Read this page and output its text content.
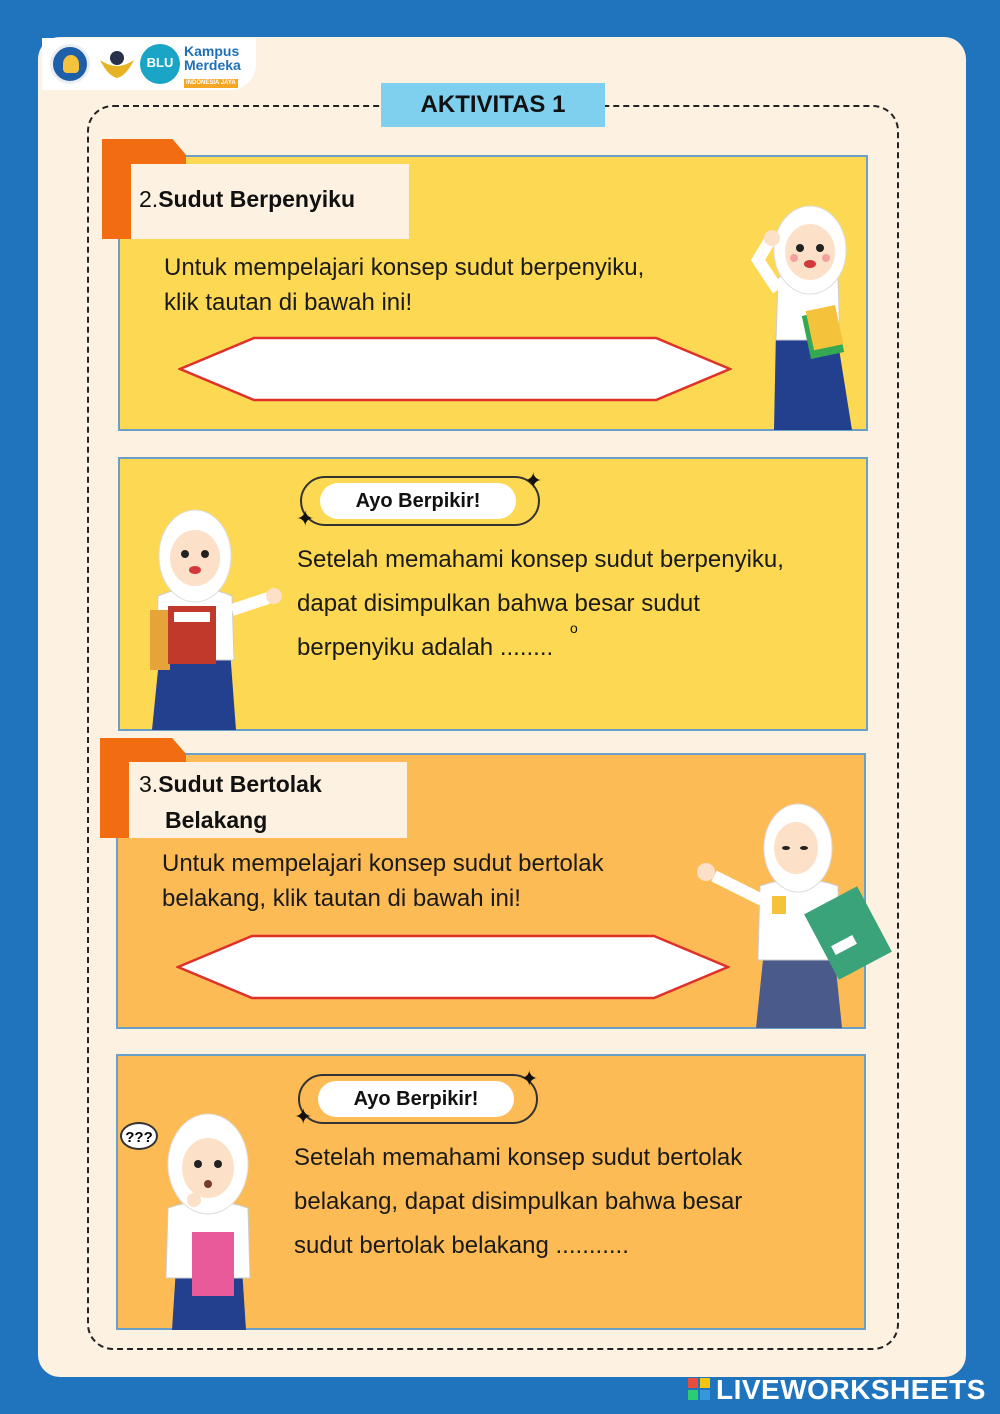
BLU
Kampus
Merdeka
INDONESIA JAYA
AKTIVITAS 1
2.Sudut Berpenyiku
Untuk mempelajari konsep sudut berpenyiku,
klik tautan di bawah ini!
Ayo Berpikir!
✦
✦
Setelah memahami konsep sudut berpenyiku,
dapat disimpulkan bahwa besar sudut
berpenyiku adalah ........
o
3.Sudut Bertolak
Belakang
Untuk mempelajari konsep sudut bertolak
belakang, klik tautan di bawah ini!
Ayo Berpikir!
✦
✦
Setelah memahami konsep sudut bertolak
belakang, dapat disimpulkan bahwa besar
sudut bertolak belakang ...........
???
LIVEWORKSHEETS
